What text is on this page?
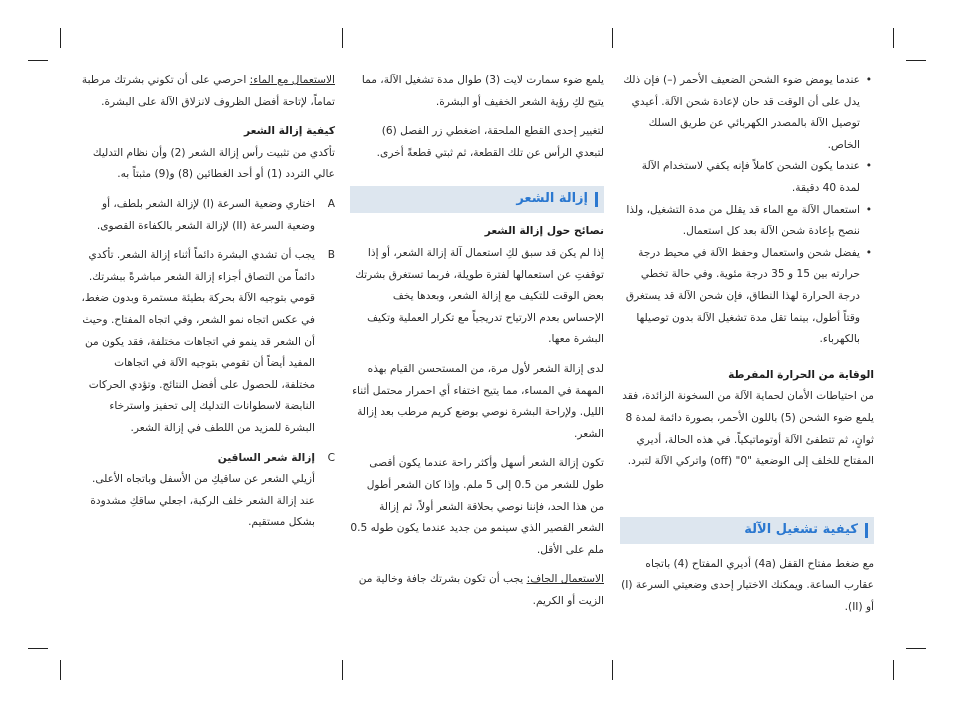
• عندما يومض ضوء الشحن الضعيف الأحمر (–) فإن ذلك يدل على أن الوقت قد حان لإعادة شحن الآلة. أعيدي توصيل الآلة بالمصدر الكهربائي عن طريق السلك الخاص.
• عندما يكون الشحن كاملاً فإنه يكفي لاستخدام الآلة لمدة 40 دقيقة.
• استعمال الآلة مع الماء قد يقلل من مدة التشغيل، ولذا ننصح بإعادة شحن الآلة بعد كل استعمال.
• يفضل شحن واستعمال وحفظ الآلة في محيط درجة حرارته بين 15 و 35 درجة مئوية. وفي حالة تخطي درجة الحرارة لهذا النطاق، فإن شحن الآلة قد يستغرق وقتاً أطول، بينما تقل مدة تشغيل الآلة بدون توصيلها بالكهرباء.
الوقاية من الحرارة المفرطة

من احتياطات الأمان لحماية الآلة من السخونة الزائدة، فقد يلمع ضوء الشحن (5) باللون الأحمر، بصورة دائمة لمدة 8 ثوانٍ، ثم تتطفئ الآلة أوتوماتيكياً. في هذه الحالة، أديري المفتاح للخلف إلى الوضعية "0" (off) واتركي الآلة لتبرد.

كيفية تشغيل الآلة

مع ضغط مفتاح القفل (4a) أديري المفتاح (4) باتجاه عقارب الساعة. ويمكنك الاختيار إحدى وضعيتي السرعة (I) أو (II).

يلمع ضوء سمارت لايت (3) طوال مدة تشغيل الآلة، مما يتيح لكِ رؤية الشعر الخفيف أو البشرة.

لتغيير إحدى القطع الملحقة، اضغطي زر الفصل (6) لتبعدي الرأس عن تلك القطعة، ثم ثبتي قطعةً أخرى.

إزالة الشعر
نصائح حول إزالة الشعر

إذا لم يكن قد سبق لكِ استعمال آلة إزالة الشعر، أو إذا توقفتِ عن استعمالها لفترة طويلة، فربما تستغرق بشرتك بعض الوقت للتكيف مع إزالة الشعر، وبعدها يخف الإحساس بعدم الارتياح تدريجياً مع تكرار العملية وتكيف البشرة معها.

لدى إزالة الشعر لأول مرة، من المستحسن القيام بهذه المهمة في المساء، مما يتيح اختفاء أي احمرار محتمل أثناء الليل. ولإراحة البشرة نوصي بوضع كريم مرطب بعد إزالة الشعر.

تكون إزالة الشعر أسهل وأكثر راحة عندما يكون أقصى طول للشعر من 0.5 إلى 5 ملم. وإذا كان الشعر أطول من هذا الحد، فإننا نوصي بحلاقة الشعر أولاً، ثم إزالة الشعر القصير الذي سينمو من جديد عندما يكون طوله 0.5 ملم على الأقل.

الاستعمال الجاف: يجب أن تكون بشرتك جافة وخالية من الزيت أو الكريم.

الاستعمال مع الماء: احرصي على أن تكوني بشرتك مرطبة تماماً، لإتاحة أفضل الظروف لانزلاق الآلة على البشرة.

كيفية إزالة الشعر

تأكدي من تثبيت رأس إزالة الشعر (2) وأن نظام التدليك عالي التردد (1) أو أحد الغطائين (8) و(9) مثبتاً به.

A
اختاري وضعية السرعة (I) لإزالة الشعر بلطف، أو وضعية السرعة (II) لإزالة الشعر بالكفاءة القصوى.
B
يجب أن تشدي البشرة دائماً أثناء إزالة الشعر. تأكدي دائماً من التصاق أجزاء إزالة الشعر مباشرةً ببشرتك.
قومي بتوجيه الآلة بحركة بطيئة مستمرة وبدون ضغط، في عكس اتجاه نمو الشعر، وفي اتجاه المفتاح. وحيث أن الشعر قد ينمو في اتجاهات مختلفة، فقد يكون من المفيد أيضاً أن تقومي بتوجيه الآلة في اتجاهات مختلفة، للحصول على أفضل النتائج. وتؤدي الحركات النابضة لاسطوانات التدليك إلى تحفيز واسترخاء البشرة للمزيد من اللطف في إزالة الشعر.
C
إزالة شعر الساقين
أزيلي الشعر عن ساقيكِ من الأسفل وباتجاه الأعلى. عند إزالة الشعر خلف الركبة، اجعلي ساقكِ مشدودة بشكل مستقيم.
